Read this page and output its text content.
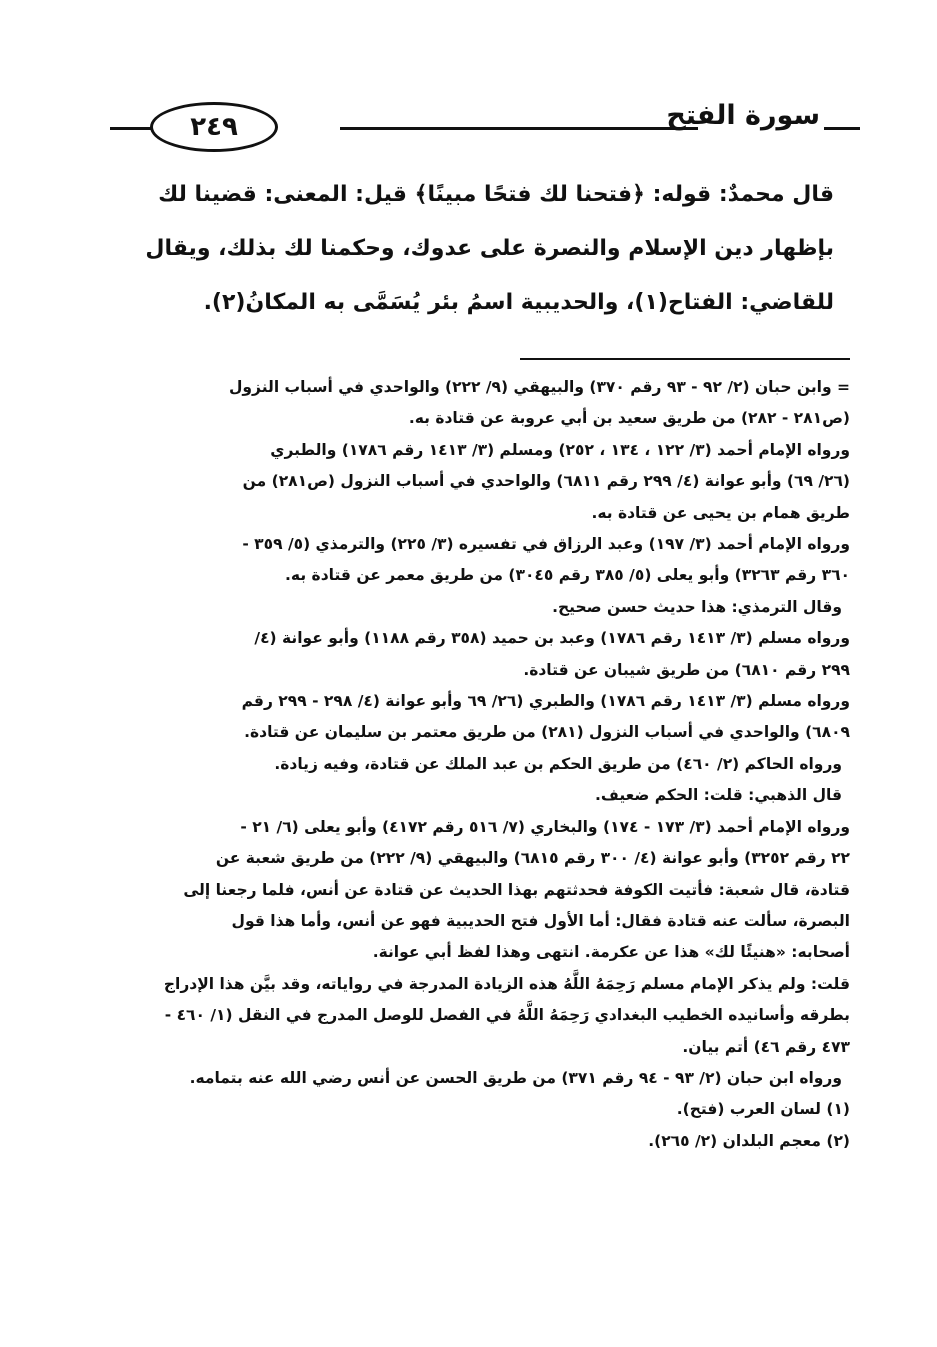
٢٤٩	سورة الفتح
قال محمدٌ: قوله: ﴿فتحنا لك فتحًا مبينًا﴾ قيل: المعنى: قضينا لك
بإظهار دين الإسلام والنصرة على عدوك، وحكمنا لك بذلك، ويقال
للقاضي: الفتاح(١)، والحديبية اسمُ بئر يُسَمَّى به المكانُ(٢).
= وابن حبان (٢/ ٩٢ - ٩٣ رقم ٣٧٠) والبيهقي (٩/ ٢٢٢) والواحدي في أسباب النزول
(ص٢٨١ - ٢٨٢) من طريق سعيد بن أبي عروبة عن قتادة به.
ورواه الإمام أحمد (٣/ ١٢٢ ، ١٣٤ ، ٢٥٢) ومسلم (٣/ ١٤١٣ رقم ١٧٨٦) والطبري
(٢٦/ ٦٩) وأبو عوانة (٤/ ٢٩٩ رقم ٦٨١١) والواحدي في أسباب النزول (ص٢٨١) من
طريق همام بن يحيى عن قتادة به.
ورواه الإمام أحمد (٣/ ١٩٧) وعبد الرزاق في تفسيره (٣/ ٢٢٥) والترمذي (٥/ ٣٥٩ -
٣٦٠ رقم ٣٢٦٣) وأبو يعلى (٥/ ٣٨٥ رقم ٣٠٤٥) من طريق معمر عن قتادة به.
وقال الترمذي: هذا حديث حسن صحيح.
ورواه مسلم (٣/ ١٤١٣ رقم ١٧٨٦) وعبد بن حميد (٣٥٨ رقم ١١٨٨) وأبو عوانة (٤/
٢٩٩ رقم ٦٨١٠) من طريق شيبان عن قتادة.
ورواه مسلم (٣/ ١٤١٣ رقم ١٧٨٦) والطبري (٢٦/ ٦٩ وأبو عوانة (٤/ ٢٩٨ - ٢٩٩ رقم
٦٨٠٩) والواحدي في أسباب النزول (٢٨١) من طريق معتمر بن سليمان عن قتادة.
ورواه الحاكم (٢/ ٤٦٠) من طريق الحكم بن عبد الملك عن قتادة، وفيه زيادة.
قال الذهبي: قلت: الحكم ضعيف.
ورواه الإمام أحمد (٣/ ١٧٣ - ١٧٤) والبخاري (٧/ ٥١٦ رقم ٤١٧٢) وأبو يعلى (٦/ ٢١ -
٢٢ رقم ٣٢٥٢) وأبو عوانة (٤/ ٣٠٠ رقم ٦٨١٥) والبيهقي (٩/ ٢٢٢) من طريق شعبة عن
قتادة، قال شعبة: فأتيت الكوفة فحدثتهم بهذا الحديث عن قتادة عن أنس، فلما رجعنا إلى
البصرة، سألت عنه قتادة فقال: أما الأول فتح الحديبية فهو عن أنس، وأما هذا قول
أصحابه: «هنيئًا لك» هذا عن عكرمة. انتهى وهذا لفظ أبي عوانة.
قلت: ولم يذكر الإمام مسلم رَحِمَهُ اللَّهُ هذه الزيادة المدرجة في رواياته، وقد بيَّن هذا الإدراج
بطرقه وأسانيده الخطيب البغدادي رَحِمَهُ اللَّهُ في الفصل للوصل المدرج في النقل (١/ ٤٦٠ -
٤٧٣ رقم ٤٦) أتم بيان.
ورواه ابن حبان (٢/ ٩٣ - ٩٤ رقم ٣٧١) من طريق الحسن عن أنس رضي الله عنه بتمامه.
(١) لسان العرب (فتح).
(٢) معجم البلدان (٢/ ٢٦٥).
